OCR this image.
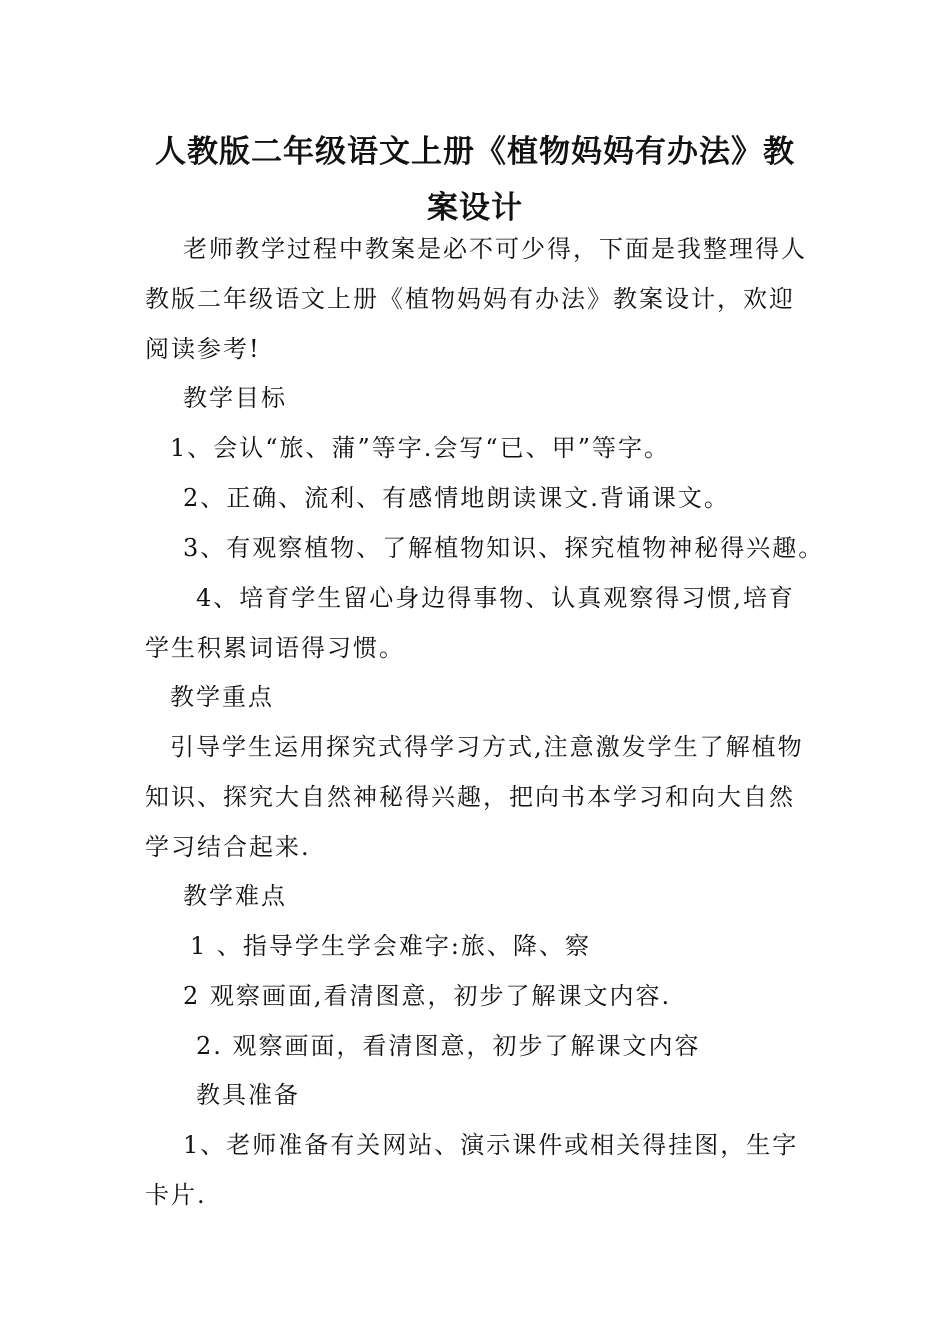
人教版二年级语文上册《植物妈妈有办法》教
案设计

老师教学过程中教案是必不可少得，下面是我整理得人

教版二年级语文上册《植物妈妈有办法》教案设计，欢迎

阅读参考!

教学目标

1、会认“旅、蒲”等字.会写“已、甲”等字。

2、正确、流利、有感情地朗读课文.背诵课文。

3、有观察植物、了解植物知识、探究植物神秘得兴趣。

4、培育学生留心身边得事物、认真观察得习惯,培育

学生积累词语得习惯。

教学重点

引导学生运用探究式得学习方式,注意激发学生了解植物

知识、探究大自然神秘得兴趣，把向书本学习和向大自然

学习结合起来.

教学难点

1 、指导学生学会难字:旅、降、察

2 观察画面,看清图意，初步了解课文内容.

2. 观察画面，看清图意，初步了解课文内容

教具准备

1、老师准备有关网站、演示课件或相关得挂图，生字

卡片.
